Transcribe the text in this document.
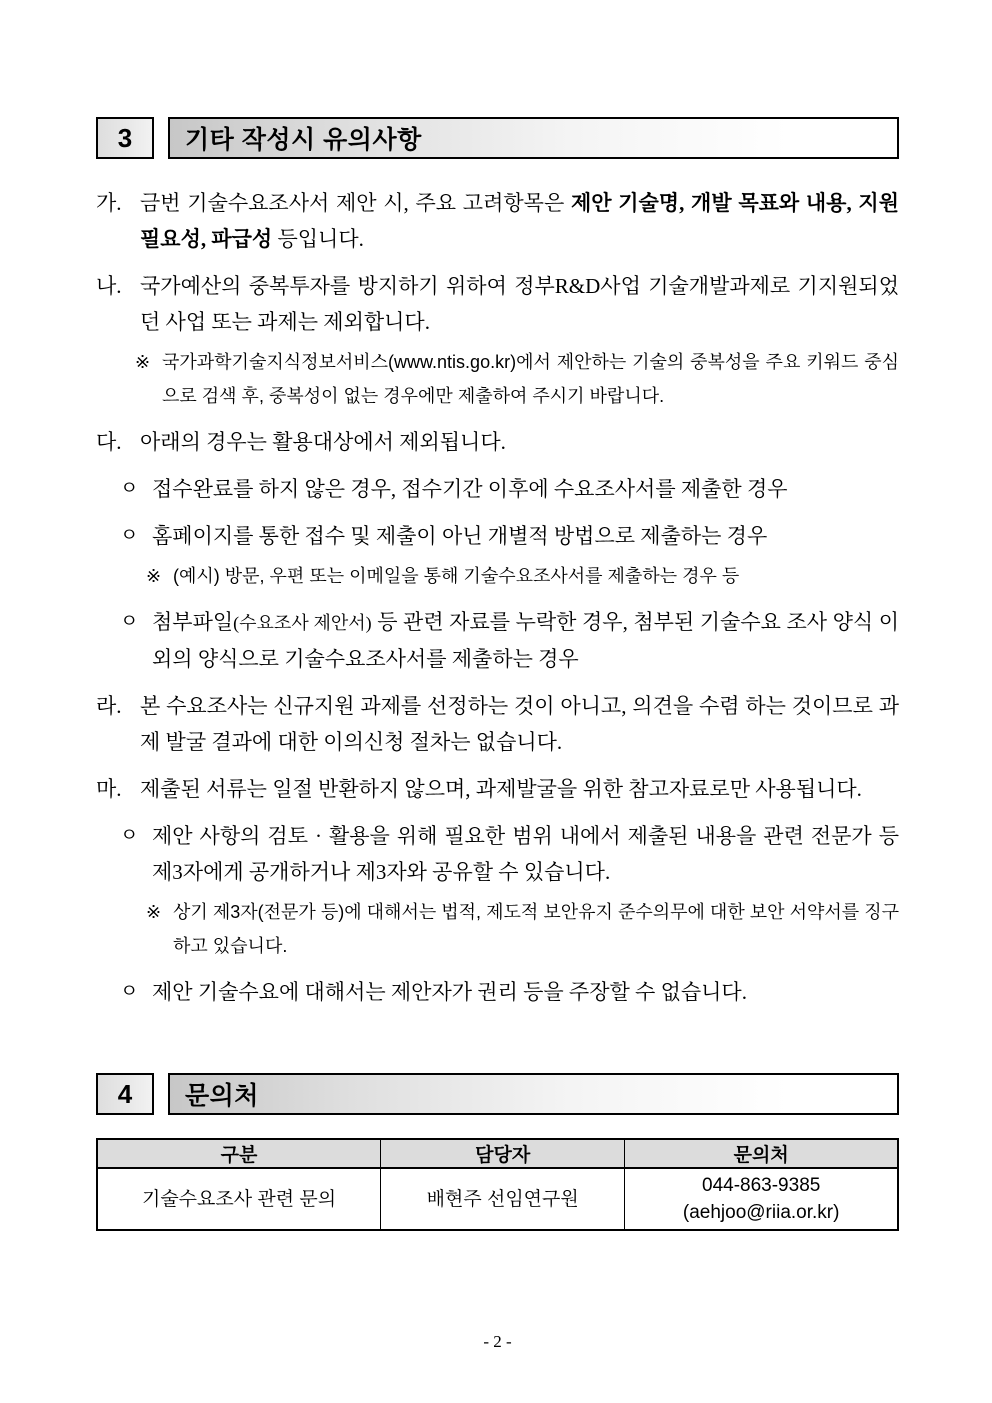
3	기타 작성시 유의사항
가. 금번 기술수요조사서 제안 시, 주요 고려항목은 제안 기술명, 개발 목표와 내용, 지원 필요성, 파급성 등입니다.
나. 국가예산의 중복투자를 방지하기 위하여 정부R&D사업 기술개발과제로 기지원되었던 사업 또는 과제는 제외합니다.
※ 국가과학기술지식정보서비스(www.ntis.go.kr)에서 제안하는 기술의 중복성을 주요 키워드 중심으로 검색 후, 중복성이 없는 경우에만 제출하여 주시기 바랍니다.
다. 아래의 경우는 활용대상에서 제외됩니다.
ㅇ 접수완료를 하지 않은 경우, 접수기간 이후에 수요조사서를 제출한 경우
ㅇ 홈페이지를 통한 접수 및 제출이 아닌 개별적 방법으로 제출하는 경우
※ (예시) 방문, 우편 또는 이메일을 통해 기술수요조사서를 제출하는 경우 등
ㅇ 첨부파일(수요조사 제안서) 등 관련 자료를 누락한 경우, 첨부된 기술수요 조사 양식 이외의 양식으로 기술수요조사서를 제출하는 경우
라. 본 수요조사는 신규지원 과제를 선정하는 것이 아니고, 의견을 수렴 하는 것이므로 과제 발굴 결과에 대한 이의신청 절차는 없습니다.
마. 제출된 서류는 일절 반환하지 않으며, 과제발굴을 위한 참고자료로만 사용됩니다.
ㅇ 제안 사항의 검토 · 활용을 위해 필요한 범위 내에서 제출된 내용을 관련 전문가 등 제3자에게 공개하거나 제3자와 공유할 수 있습니다.
※ 상기 제3자(전문가 등)에 대해서는 법적, 제도적 보안유지 준수의무에 대한 보안 서약서를 징구하고 있습니다.
ㅇ 제안 기술수요에 대해서는 제안자가 권리 등을 주장할 수 없습니다.
4	문의처
구분	담당자	문의처
기술수요조사 관련 문의	배현주 선임연구원	044-863-9385
(aehjoo@riia.or.kr)
- 2 -
